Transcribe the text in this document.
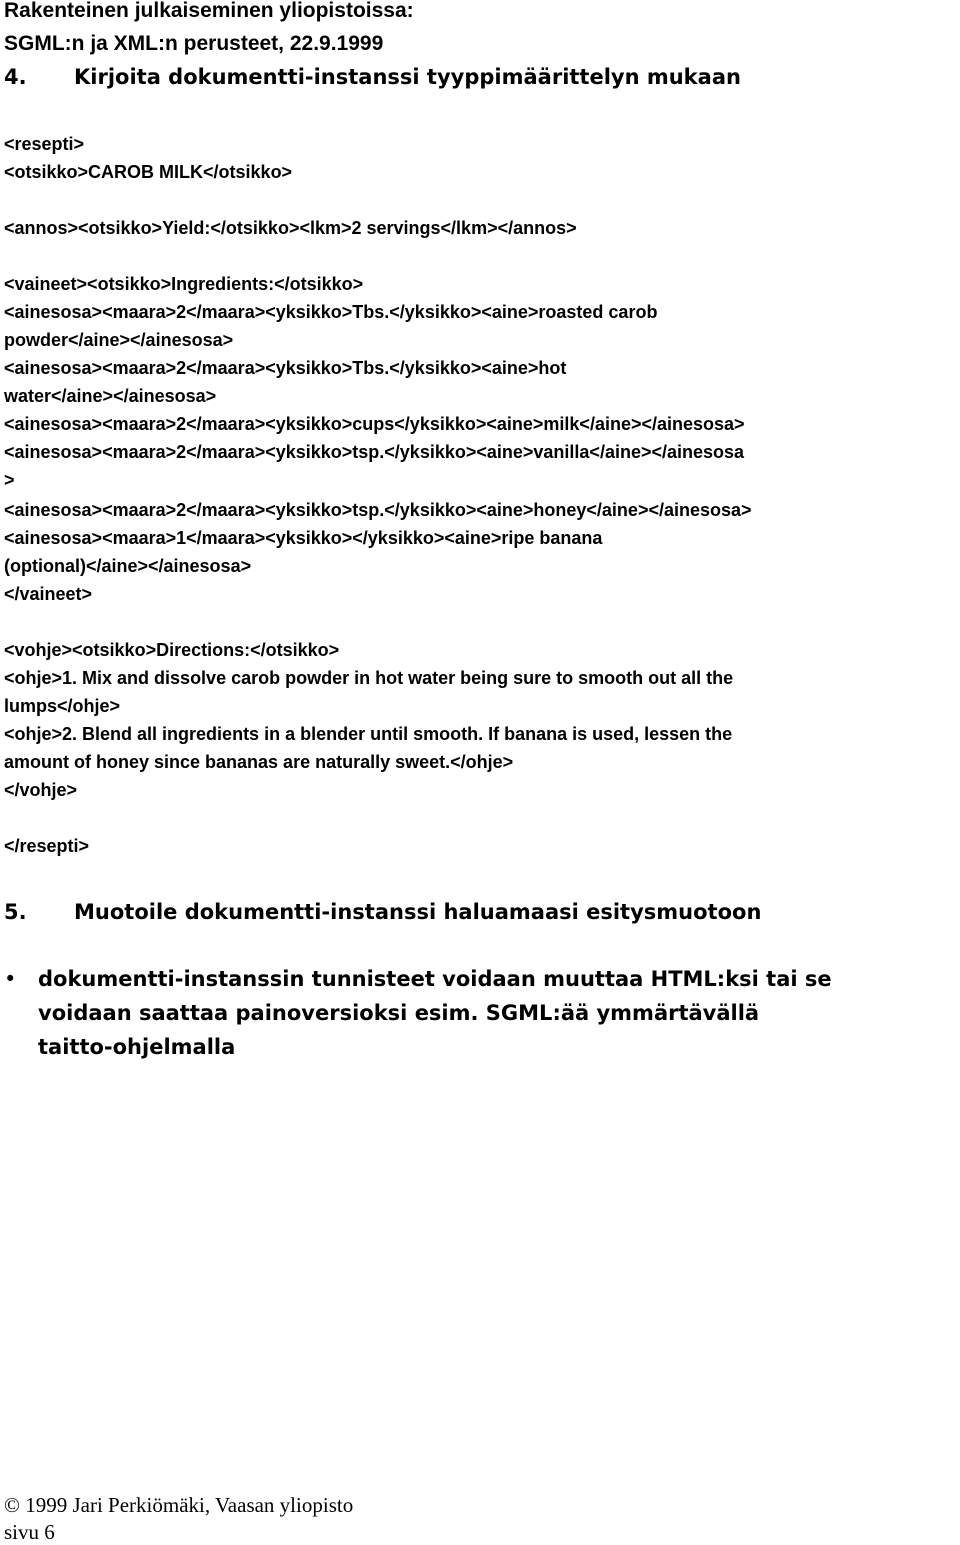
Rakenteinen julkaiseminen yliopistoissa:
SGML:n ja XML:n perusteet, 22.9.1999
4. Kirjoita dokumentti-instanssi tyyppimäärittelyn mukaan
<resepti>
<otsikko>CAROB MILK</otsikko>
<annos><otsikko>Yield:</otsikko><lkm>2 servings</lkm></annos>
<vaineet><otsikko>Ingredients:</otsikko>
<ainesosa><maara>2</maara><yksikko>Tbs.</yksikko><aine>roasted carob
powder</aine></ainesosa>
<ainesosa><maara>2</maara><yksikko>Tbs.</yksikko><aine>hot
water</aine></ainesosa>
<ainesosa><maara>2</maara><yksikko>cups</yksikko><aine>milk</aine></ainesosa>
<ainesosa><maara>2</maara><yksikko>tsp.</yksikko><aine>vanilla</aine></ainesosa
>
<ainesosa><maara>2</maara><yksikko>tsp.</yksikko><aine>honey</aine></ainesosa>
<ainesosa><maara>1</maara><yksikko></yksikko><aine>ripe banana
(optional)</aine></ainesosa>
</vaineet>
<vohje><otsikko>Directions:</otsikko>
<ohje>1. Mix and dissolve carob powder in hot water being sure to smooth out all the
lumps</ohje>
<ohje>2. Blend all ingredients in a blender until smooth. If banana is used, lessen the
amount of honey since bananas are naturally sweet.</ohje>
</vohje>
</resepti>
5. Muotoile dokumentti-instanssi haluamaasi esitysmuotoon
• dokumentti-instanssin tunnisteet voidaan muuttaa HTML:ksi tai se
voidaan saattaa painoversioksi esim. SGML:ää ymmärtävällä
taitto-ohjelmalla
© 1999 Jari Perkiömäki, Vaasan yliopisto
sivu 6
